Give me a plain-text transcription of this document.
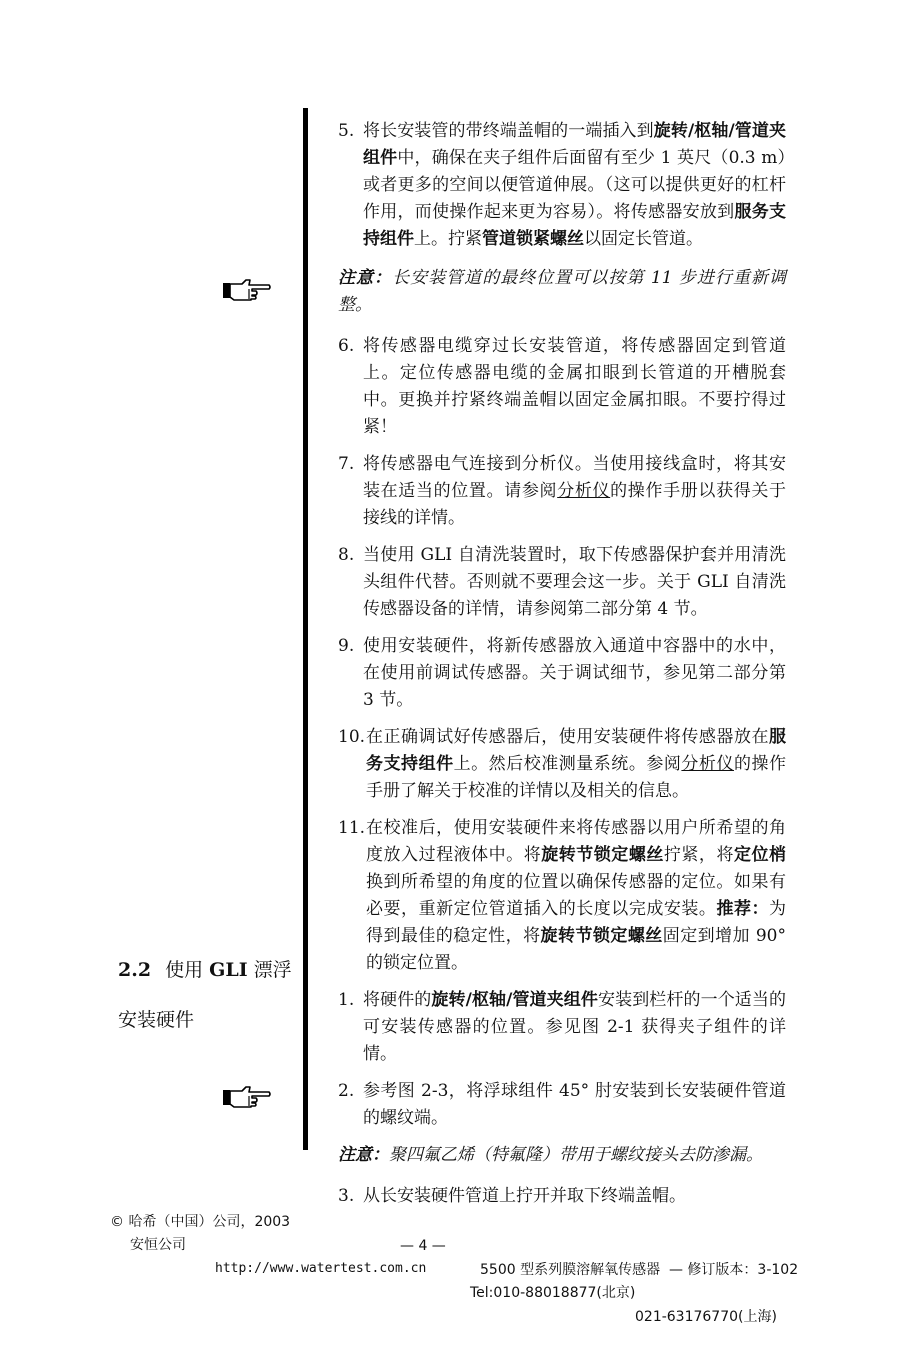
2.2 使用 GLI 漂浮
安装硬件
5.
将长安装管的带终端盖帽的一端插入到旋转/枢轴/管道夹组件中，确保在夹子组件后面留有至少 1 英尺（0.3 m）或者更多的空间以便管道伸展。（这可以提供更好的杠杆作用，而使操作起来更为容易）。将传感器安放到服务支持组件上。拧紧管道锁紧螺丝以固定长管道。
注意：长安装管道的最终位置可以按第 11 步进行重新调整。
6.
将传感器电缆穿过长安装管道，将传感器固定到管道上。定位传感器电缆的金属扣眼到长管道的开槽脱套中。更换并拧紧终端盖帽以固定金属扣眼。不要拧得过紧！
7.
将传感器电气连接到分析仪。当使用接线盒时，将其安装在适当的位置。请参阅分析仪的操作手册以获得关于接线的详情。
8.
当使用 GLI 自清洗装置时，取下传感器保护套并用清洗头组件代替。否则就不要理会这一步。关于 GLI 自清洗传感器设备的详情，请参阅第二部分第 4 节。
9.
使用安装硬件，将新传感器放入通道中容器中的水中，在使用前调试传感器。关于调试细节，参见第二部分第 3 节。
10.
在正确调试好传感器后，使用安装硬件将传感器放在服务支持组件上。然后校准测量系统。参阅分析仪的操作手册了解关于校准的详情以及相关的信息。
11.
在校准后，使用安装硬件来将传感器以用户所希望的角度放入过程液体中。将旋转节锁定螺丝拧紧，将定位梢换到所希望的角度的位置以确保传感器的定位。如果有必要，重新定位管道插入的长度以完成安装。推荐：为得到最佳的稳定性，将旋转节锁定螺丝固定到增加 90° 的锁定位置。
1.
将硬件的旋转/枢轴/管道夹组件安装到栏杆的一个适当的可安装传感器的位置。参见图 2-1 获得夹子组件的详情。
2.
参考图 2-3，将浮球组件 45° 肘安装到长安装硬件管道的螺纹端。
注意：聚四氟乙烯（特氟隆）带用于螺纹接头去防渗漏。
3.
从长安装硬件管道上拧开并取下终端盖帽。

© 哈希（中国）公司，2003

— 4 —

5500 型系列膜溶解氧传感器  — 修订版本：3-102

安恒公司

http://www.watertest.com.cn

Tel:010-88018877(北京)

021-63176770(上海)
